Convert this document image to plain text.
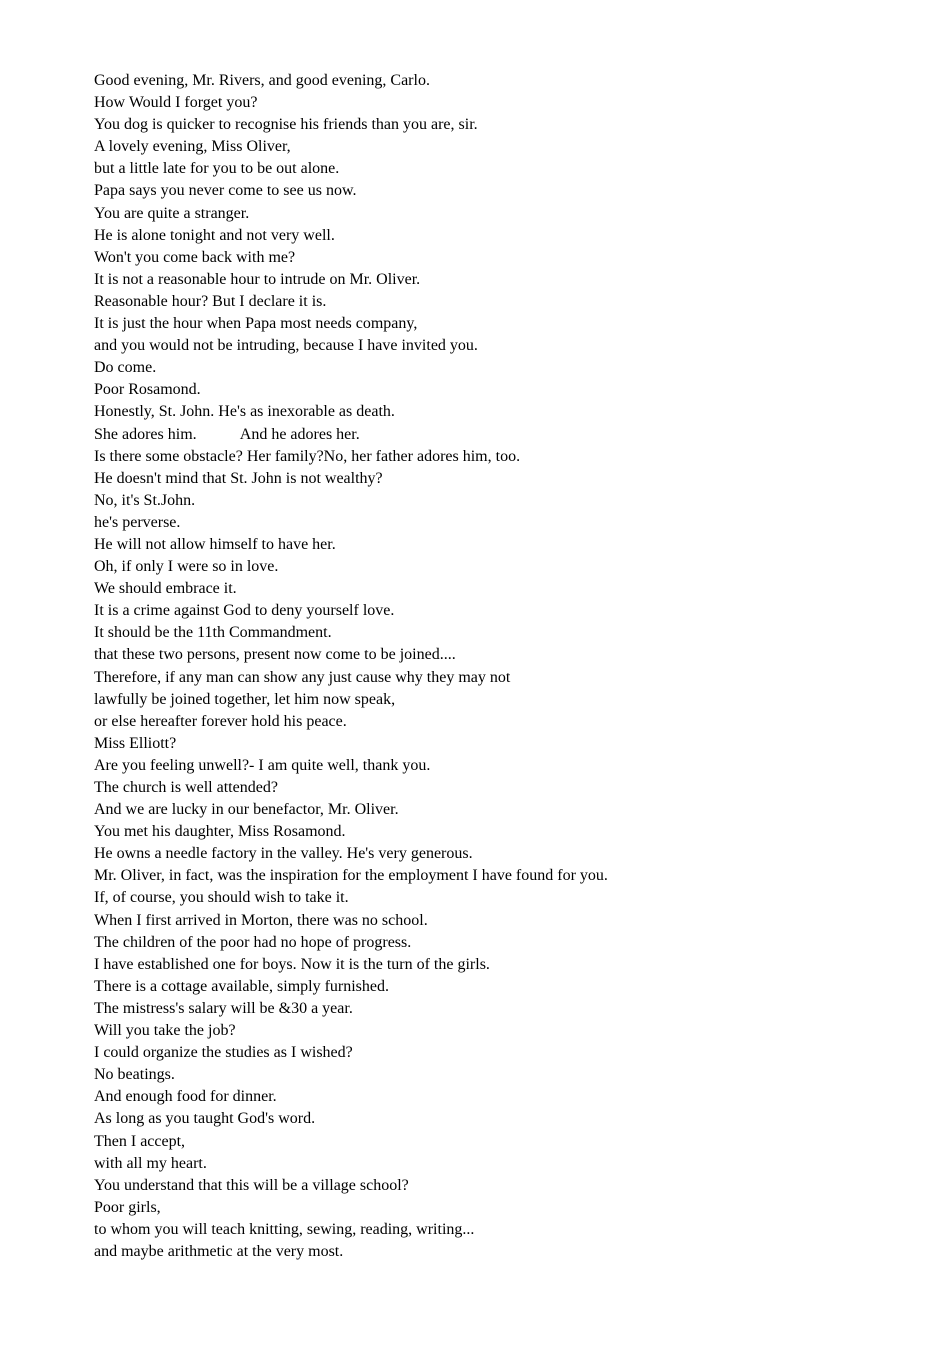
Good evening, Mr. Rivers, and good evening, Carlo.
How Would I forget you?
You dog is quicker to recognise his friends than you are, sir.
A lovely evening, Miss Oliver,
but a little late for you to be out alone.
Papa says you never come to see us now.
You are quite a stranger.
He is alone tonight and not very well.
Won't you come back with me?
It is not a reasonable hour to intrude on Mr. Oliver.
Reasonable hour? But I declare it is.
It is just the hour when Papa most needs company,
and you would not be intruding, because I have invited you.
Do come.
Poor Rosamond.
Honestly, St. John. He's as inexorable as death.
She adores him.           And he adores her.
Is there some obstacle? Her family?No, her father adores him, too.
He doesn't mind that St. John is not wealthy?
No, it's St.John.
he's perverse.
He will not allow himself to have her.
Oh, if only I were so in love.
We should embrace it.
It is a crime against God to deny yourself love.
It should be the 11th Commandment.
that these two persons, present now come to be joined....
Therefore, if any man can show any just cause why they may not
lawfully be joined together, let him now speak,
or else hereafter forever hold his peace.
Miss Elliott?
Are you feeling unwell?- I am quite well, thank you.
The church is well attended?
And we are lucky in our benefactor, Mr. Oliver.
You met his daughter, Miss Rosamond.
He owns a needle factory in the valley. He's very generous.
Mr. Oliver, in fact, was the inspiration for the employment I have found for you.
If, of course, you should wish to take it.
When I first arrived in Morton, there was no school.
The children of the poor had no hope of progress.
I have established one for boys. Now it is the turn of the girls.
There is a cottage available, simply furnished.
The mistress's salary will be &30 a year.
Will you take the job?
I could organize the studies as I wished?
No beatings.
And enough food for dinner.
As long as you taught God's word.
Then I accept,
with all my heart.
You understand that this will be a village school?
Poor girls,
to whom you will teach knitting, sewing, reading, writing...
and maybe arithmetic at the very most.
